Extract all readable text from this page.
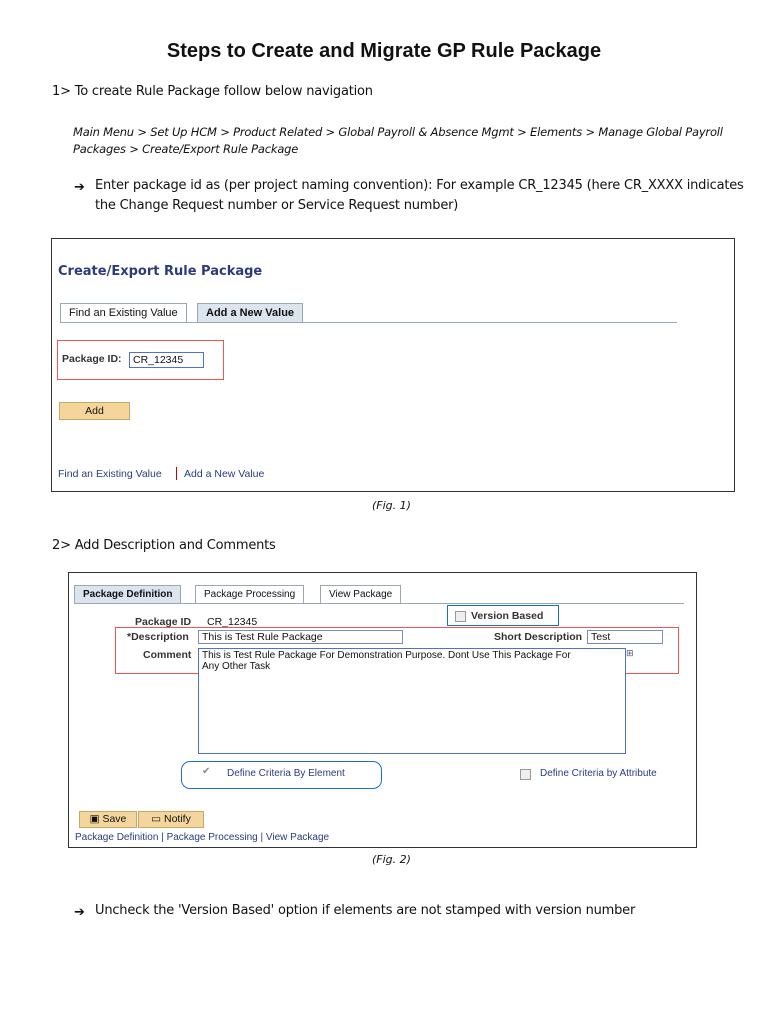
Steps to Create and Migrate GP Rule Package
1> To create Rule Package follow below navigation
Main Menu > Set Up HCM > Product Related > Global Payroll & Absence Mgmt > Elements > Manage Global Payroll
Packages > Create/Export Rule Package
➔ Enter package id as (per project naming convention): For example CR_12345 (here CR_XXXX indicates
the Change Request number or Service Request number)
Create/Export Rule Package
Find an Existing Value	Add a New Value
Package ID:	CR_12345
Add
Find an Existing Value Add a New Value
(Fig. 1)
2> Add Description and Comments
Package Definition	Package Processing	View Package
Package ID CR_12345	Version Based
*Description	This is Test Rule Package	Short Description Test
Comment This is Test Rule Package For Demonstration Purpose. Dont Use This Package For
Any Other Task
⊞
✔ Define Criteria By Element	Define Criteria by Attribute
▣ Save	▭ Notify
Package Definition | Package Processing | View Package
(Fig. 2)
➔ Uncheck the 'Version Based' option if elements are not stamped with version number
